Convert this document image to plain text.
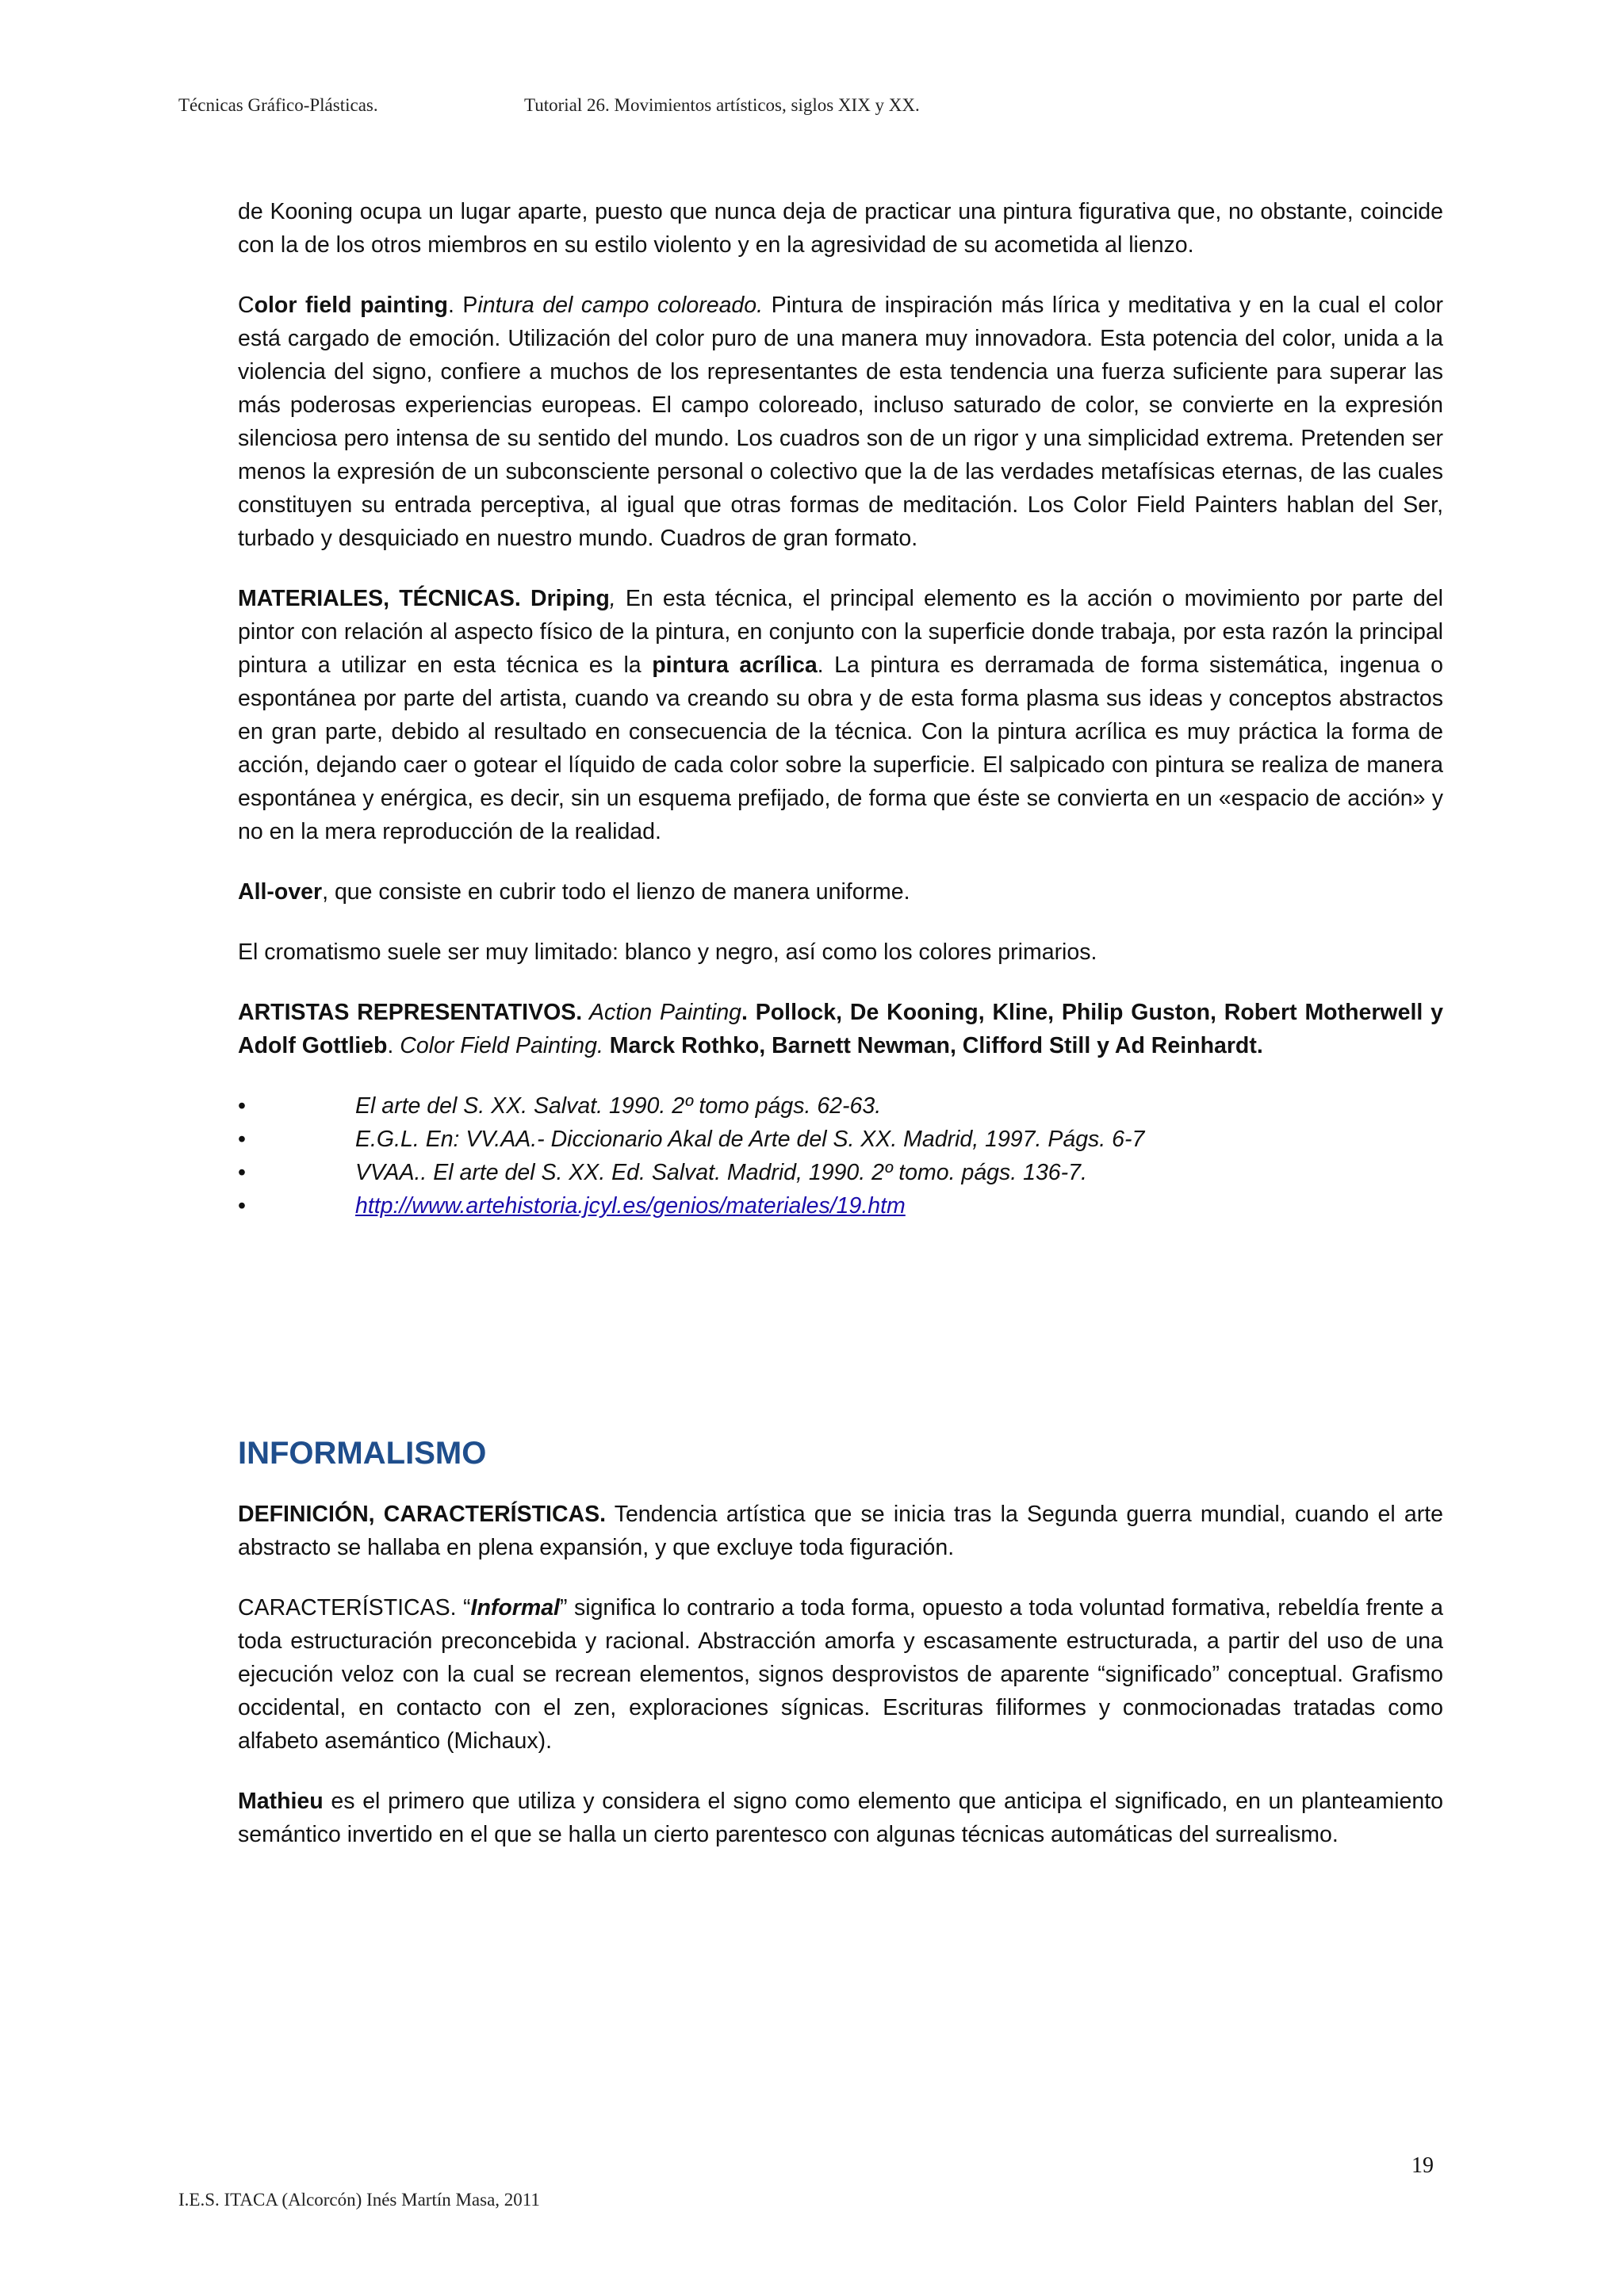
Técnicas Gráfico-Plásticas.	Tutorial 26. Movimientos artísticos, siglos XIX y XX.

de Kooning ocupa un lugar aparte, puesto que nunca deja de practicar una pintura figurativa que, no obstante, coincide con la de los otros miembros en su estilo violento y en la agresividad de su acometida al lienzo.

Color field painting. Pintura del campo coloreado. Pintura de inspiración más lírica y meditativa y en la cual el color está cargado de emoción. Utilización del color puro de una manera muy innovadora. Esta potencia del color, unida a la violencia del signo, confiere a muchos de los representantes de esta tendencia una fuerza suficiente para superar las más poderosas experiencias europeas. El campo coloreado, incluso saturado de color, se convierte en la expresión silenciosa pero intensa de su sentido del mundo. Los cuadros son de un rigor y una simplicidad extrema. Pretenden ser menos la expresión de un subconsciente personal o colectivo que la de las verdades metafísicas eternas, de las cuales constituyen su entrada perceptiva, al igual que otras formas de meditación. Los Color Field Painters hablan del Ser, turbado y desquiciado en nuestro mundo. Cuadros de gran formato.

MATERIALES, TÉCNICAS. Driping, En esta técnica, el principal elemento es la acción o movimiento por parte del pintor con relación al aspecto físico de la pintura, en conjunto con la superficie donde trabaja, por esta razón la principal pintura a utilizar en esta técnica es la pintura acrílica. La pintura es derramada de forma sistemática, ingenua o espontánea por parte del artista, cuando va creando su obra y de esta forma plasma sus ideas y conceptos abstractos en gran parte, debido al resultado en consecuencia de la técnica. Con la pintura acrílica es muy práctica la forma de acción, dejando caer o gotear el líquido de cada color sobre la superficie. El salpicado con pintura se realiza de manera espontánea y enérgica, es decir, sin un esquema prefijado, de forma que éste se convierta en un «espacio de acción» y no en la mera reproducción de la realidad.

All-over, que consiste en cubrir todo el lienzo de manera uniforme.

El cromatismo suele ser muy limitado: blanco y negro, así como los colores primarios.

ARTISTAS REPRESENTATIVOS. Action Painting. Pollock, De Kooning, Kline, Philip Guston, Robert Motherwell y Adolf Gottlieb. Color Field Painting. Marck Rothko, Barnett Newman, Clifford Still y Ad Reinhardt.

•	El arte del S. XX. Salvat. 1990. 2º tomo págs. 62-63.
•	E.G.L. En: VV.AA.- Diccionario Akal de Arte del S. XX. Madrid, 1997. Págs. 6-7
•	VVAA.. El arte del S. XX. Ed. Salvat. Madrid, 1990. 2º tomo. págs. 136-7.
•	http://www.artehistoria.jcyl.es/genios/materiales/19.htm
INFORMALISMO

DEFINICIÓN, CARACTERÍSTICAS. Tendencia artística que se inicia tras la Segunda guerra mundial, cuando el arte abstracto se hallaba en plena expansión, y que excluye toda figuración.

CARACTERÍSTICAS. “Informal” significa lo contrario a toda forma, opuesto a toda voluntad formativa, rebeldía frente a toda estructuración preconcebida y racional. Abstracción amorfa y escasamente estructurada, a partir del uso de una ejecución veloz con la cual se recrean elementos, signos desprovistos de aparente “significado” conceptual. Grafismo occidental, en contacto con el zen, exploraciones sígnicas. Escrituras filiformes y conmocionadas tratadas como alfabeto asemántico (Michaux).

Mathieu es el primero que utiliza y considera el signo como elemento que anticipa el significado, en un planteamiento semántico invertido en el que se halla un cierto parentesco con algunas técnicas automáticas del surrealismo.

19
I.E.S. ITACA (Alcorcón) Inés Martín Masa, 2011
